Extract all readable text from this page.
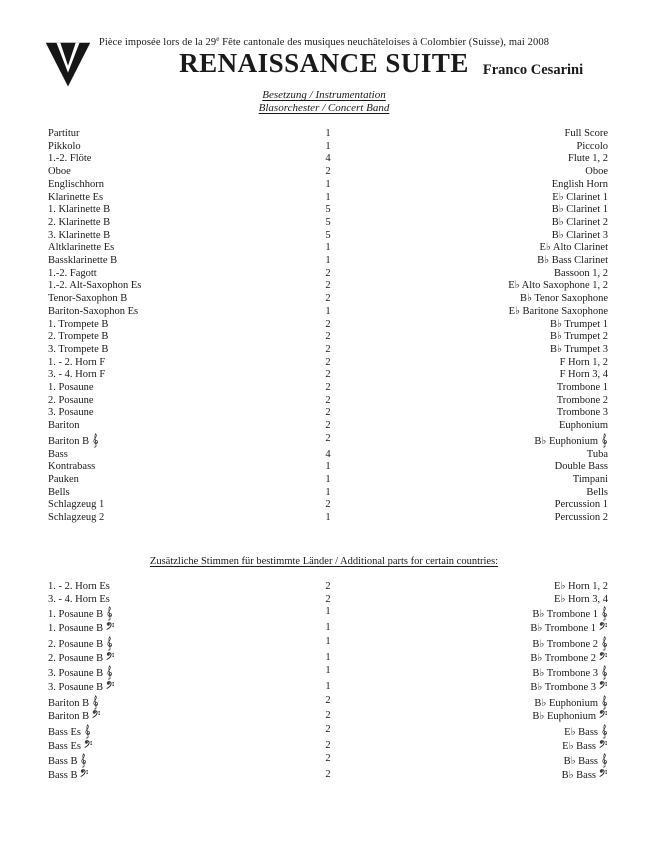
Pièce imposée lors de la 29e Fête cantonale des musiques neuchâteloises à Colombier (Suisse), mai 2008
RENAISSANCE SUITE Franco Cesarini
Besetzung / Instrumentation
Blasorchester / Concert Band
Partitur	1	Full Score
Pikkolo	1	Piccolo
1.-2. Flöte	4	Flute 1, 2
Oboe	2	Oboe
Englischhorn	1	English Horn
Klarinette Es	1	E♭ Clarinet 1
1. Klarinette B	5	B♭ Clarinet 1
2. Klarinette B	5	B♭ Clarinet 2
3. Klarinette B	5	B♭ Clarinet 3
Altklarinette Es	1	E♭ Alto Clarinet
Bassklarinette B	1	B♭ Bass Clarinet
1.-2. Fagott	2	Bassoon 1, 2
1.-2. Alt-Saxophon Es	2	E♭ Alto Saxophone 1, 2
Tenor-Saxophon B	2	B♭ Tenor Saxophone
Bariton-Saxophon Es	1	E♭ Baritone Saxophone
1. Trompete B	2	B♭ Trumpet 1
2. Trompete B	2	B♭ Trumpet 2
3. Trompete B	2	B♭ Trumpet 3
1. - 2. Horn F	2	F Horn 1, 2
3. - 4. Horn F	2	F Horn 3, 4
1. Posaune	2	Trombone 1
2. Posaune	2	Trombone 2
3. Posaune	2	Trombone 3
Bariton	2	Euphonium
Bariton B	2	B♭ Euphonium
Bass	4	Tuba
Kontrabass	1	Double Bass
Pauken	1	Timpani
Bells	1	Bells
Schlagzeug 1	2	Percussion 1
Schlagzeug 2	1	Percussion 2
Zusätzliche Stimmen für bestimmte Länder / Additional parts for certain countries:
1. - 2. Horn Es	2	E♭ Horn 1, 2
3. - 4. Horn Es	2	E♭ Horn 3, 4
1. Posaune B	1	B♭ Trombone 1
1. Posaune B	1	B♭ Trombone 1
2. Posaune B	1	B♭ Trombone 2
2. Posaune B	1	B♭ Trombone 2
3. Posaune B	1	B♭ Trombone 3
3. Posaune B	1	B♭ Trombone 3
Bariton B	2	B♭ Euphonium
Bariton B	2	B♭ Euphonium
Bass Es	2	E♭ Bass
Bass Es	2	E♭ Bass
Bass B	2	B♭ Bass
Bass B	2	B♭ Bass
